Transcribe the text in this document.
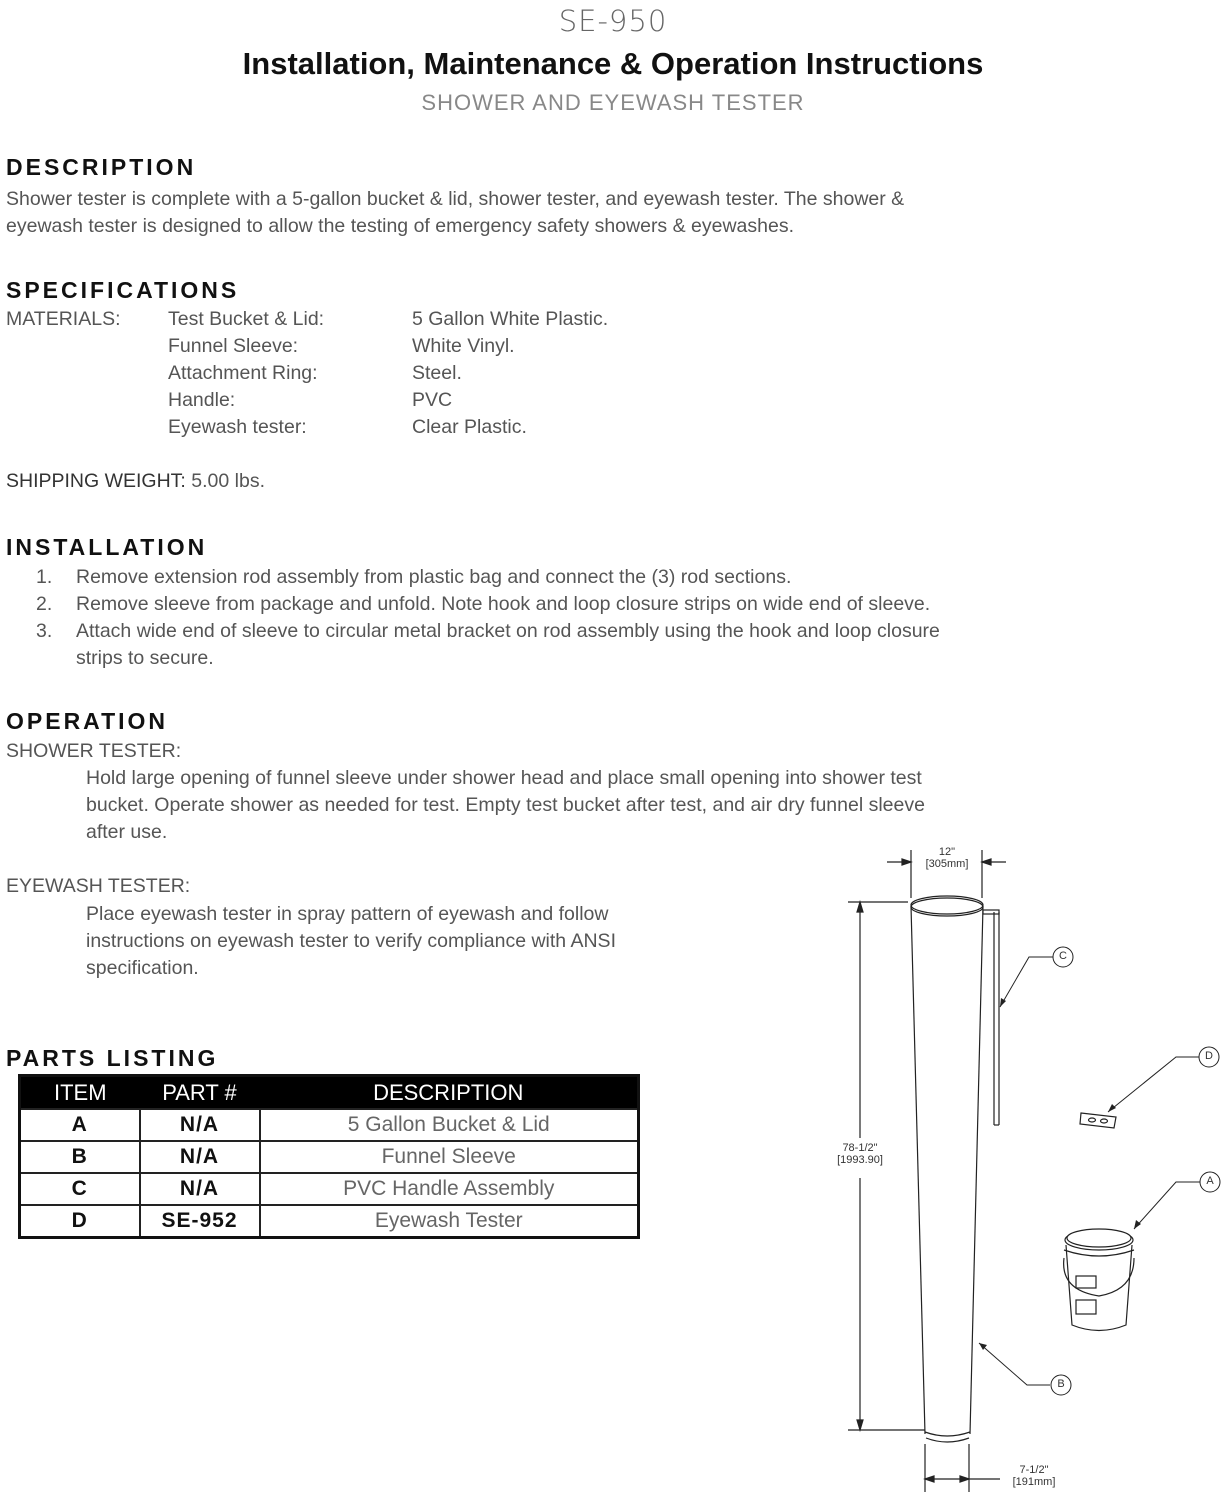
SE-950
Installation, Maintenance & Operation Instructions
SHOWER AND EYEWASH TESTER
DESCRIPTION
Shower tester is complete with a 5-gallon bucket & lid, shower tester, and eyewash tester. The shower &
eyewash tester is designed to allow the testing of emergency safety showers & eyewashes.
SPECIFICATIONS
MATERIALS: Test Bucket & Lid:	5 Gallon White Plastic.
Funnel Sleeve:	White Vinyl.
Attachment Ring:	Steel.
Handle:	PVC
Eyewash tester:	Clear Plastic.
SHIPPING WEIGHT: 5.00 lbs.
INSTALLATION
1.	Remove extension rod assembly from plastic bag and connect the (3) rod sections.
2.	Remove sleeve from package and unfold. Note hook and loop closure strips on wide end of sleeve.
3.	Attach wide end of sleeve to circular metal bracket on rod assembly using the hook and loop closure
strips to secure.
OPERATION
SHOWER TESTER:
Hold large opening of funnel sleeve under shower head and place small opening into shower test
bucket. Operate shower as needed for test. Empty test bucket after test, and air dry funnel sleeve
after use.
EYEWASH TESTER:
Place eyewash tester in spray pattern of eyewash and follow
instructions on eyewash tester to verify compliance with ANSI
specification.
PARTS LISTING
ITEM	PART #	DESCRIPTION
A	N/A	5 Gallon Bucket & Lid
B	N/A	Funnel Sleeve
C	N/A	PVC Handle Assembly
D	SE-952	Eyewash Tester
12"
[305mm]
78-1/2"
[1993.90]
7-1/2"
[191mm]
C
D
A
B
